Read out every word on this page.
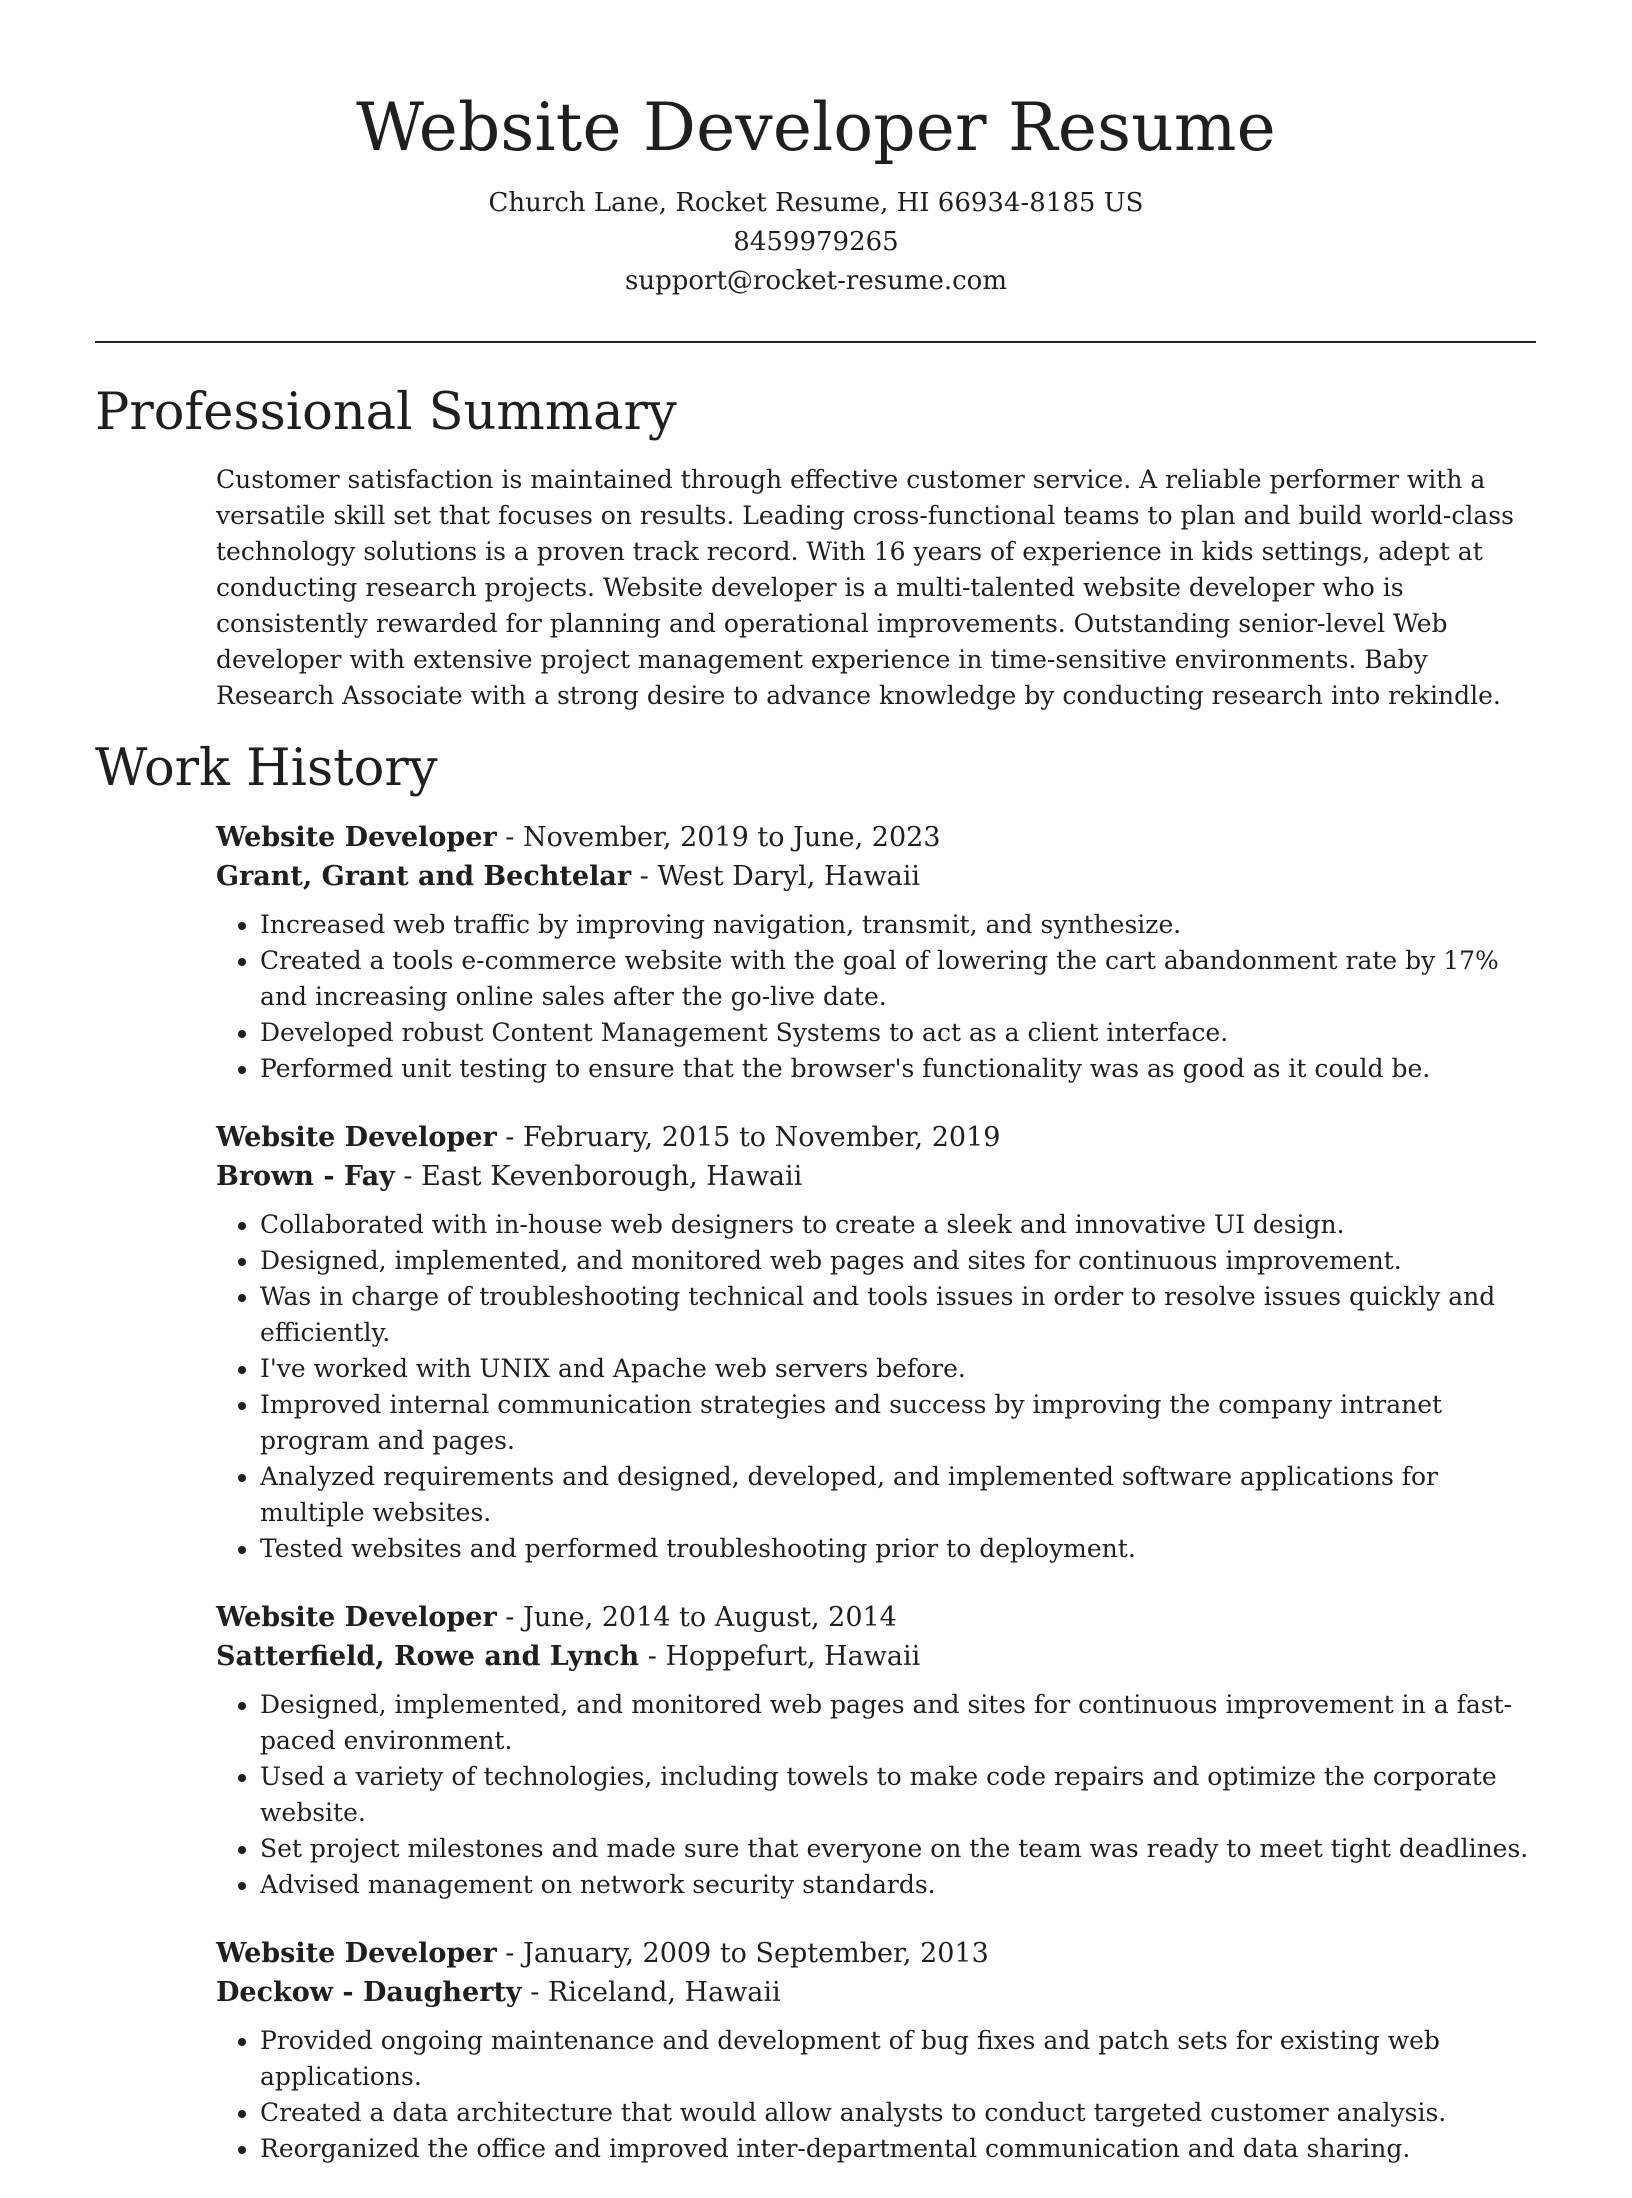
Website Developer Resume
Church Lane, Rocket Resume, HI 66934-8185 US
8459979265
support@rocket-resume.com
Professional Summary

Customer satisfaction is maintained through effective customer service. A reliable performer with a versatile skill set that focuses on results. Leading cross-functional teams to plan and build world-class technology solutions is a proven track record. With 16 years of experience in kids settings, adept at conducting research projects. Website developer is a multi-talented website developer who is consistently rewarded for planning and operational improvements. Outstanding senior-level Web developer with extensive project management experience in time-sensitive environments. Baby Research Associate with a strong desire to advance knowledge by conducting research into rekindle.

Work History
Website Developer - November, 2019 to June, 2023
Grant, Grant and Bechtelar - West Daryl, Hawaii
• Increased web traffic by improving navigation, transmit, and synthesize.
• Created a tools e-commerce website with the goal of lowering the cart abandonment rate by 17% and increasing online sales after the go-live date.
• Developed robust Content Management Systems to act as a client interface.
• Performed unit testing to ensure that the browser's functionality was as good as it could be.
Website Developer - February, 2015 to November, 2019
Brown - Fay - East Kevenborough, Hawaii
• Collaborated with in-house web designers to create a sleek and innovative UI design.
• Designed, implemented, and monitored web pages and sites for continuous improvement.
• Was in charge of troubleshooting technical and tools issues in order to resolve issues quickly and efficiently.
• I've worked with UNIX and Apache web servers before.
• Improved internal communication strategies and success by improving the company intranet program and pages.
• Analyzed requirements and designed, developed, and implemented software applications for multiple websites.
• Tested websites and performed troubleshooting prior to deployment.
Website Developer - June, 2014 to August, 2014
Satterfield, Rowe and Lynch - Hoppefurt, Hawaii
• Designed, implemented, and monitored web pages and sites for continuous improvement in a fast-paced environment.
• Used a variety of technologies, including towels to make code repairs and optimize the corporate website.
• Set project milestones and made sure that everyone on the team was ready to meet tight deadlines.
• Advised management on network security standards.
Website Developer - January, 2009 to September, 2013
Deckow - Daugherty - Riceland, Hawaii
• Provided ongoing maintenance and development of bug fixes and patch sets for existing web applications.
• Created a data architecture that would allow analysts to conduct targeted customer analysis.
• Reorganized the office and improved inter-departmental communication and data sharing.
